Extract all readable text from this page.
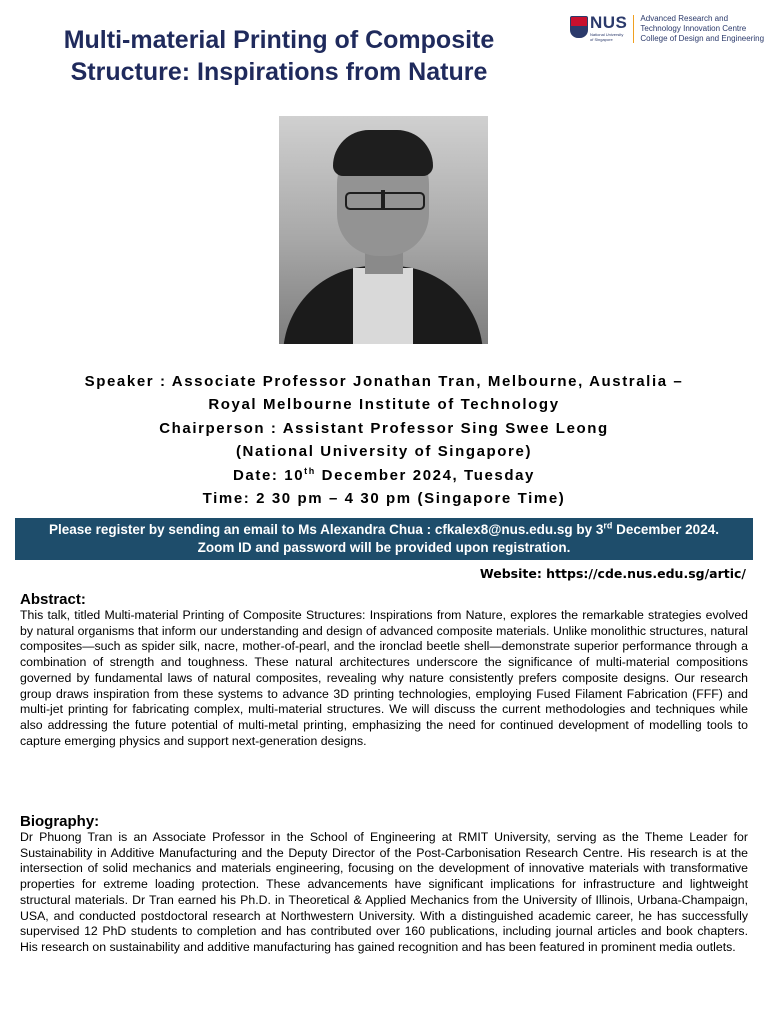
Multi-material Printing of Composite
Structure: Inspirations from Nature
NUS
National University
of Singapore
Advanced Research and
Technology Innovation Centre
College of Design and Engineering

Speaker : Associate Professor Jonathan Tran, Melbourne, Australia –

Royal Melbourne Institute of Technology

Chairperson : Assistant Professor Sing Swee Leong

(National University of Singapore)

Date: 10th December 2024, Tuesday

Time: 2 30 pm – 4 30 pm (Singapore Time)

Please register by sending an email to Ms Alexandra Chua : cfkalex8@nus.edu.sg by 3rd December 2024.
Zoom ID and password will be provided upon registration.
Website: https://cde.nus.edu.sg/artic/
Abstract:

This talk, titled Multi-material Printing of Composite Structures: Inspirations from Nature, explores the remarkable strategies evolved by natural organisms that inform our understanding and design of advanced composite materials. Unlike monolithic structures, natural composites—such as spider silk, nacre, mother-of-pearl, and the ironclad beetle shell—demonstrate superior performance through a combination of strength and toughness. These natural architectures underscore the significance of multi-material compositions governed by fundamental laws of natural composites, revealing why nature consistently prefers composite designs. Our research group draws inspiration from these systems to advance 3D printing technologies, employing Fused Filament Fabrication (FFF) and multi-jet printing for fabricating complex, multi-material structures. We will discuss the current methodologies and techniques while also addressing the future potential of multi-metal printing, emphasizing the need for continued development of modelling tools to capture emerging physics and support next-generation designs.

Biography:

Dr Phuong Tran is an Associate Professor in the School of Engineering at RMIT University, serving as the Theme Leader for Sustainability in Additive Manufacturing and the Deputy Director of the Post-Carbonisation Research Centre. His research is at the intersection of solid mechanics and materials engineering, focusing on the development of innovative materials with transformative properties for extreme loading protection. These advancements have significant implications for infrastructure and lightweight structural materials. Dr Tran earned his Ph.D. in Theoretical & Applied Mechanics from the University of Illinois, Urbana-Champaign, USA, and conducted postdoctoral research at Northwestern University. With a distinguished academic career, he has successfully supervised 12 PhD students to completion and has contributed over 160 publications, including journal articles and book chapters. His research on sustainability and additive manufacturing has gained recognition and has been featured in prominent media outlets.
